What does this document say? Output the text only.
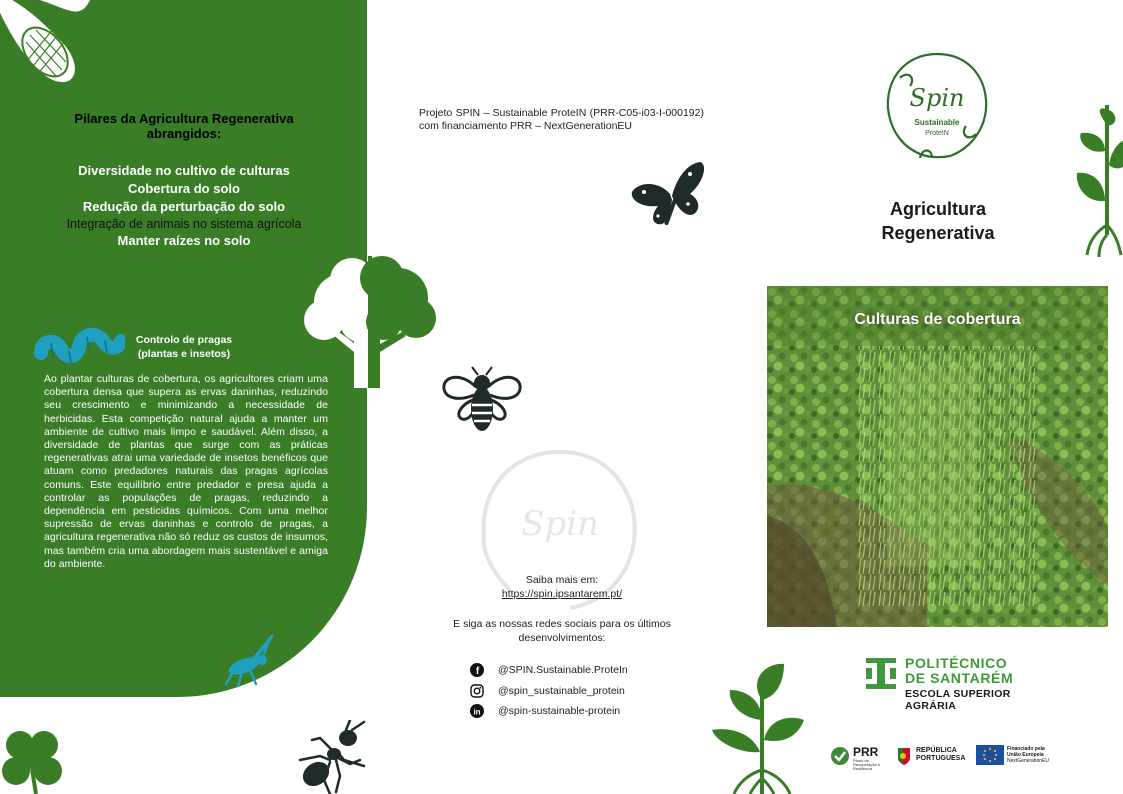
Pilares da Agricultura Regenerativa abrangidos:
Diversidade no cultivo de culturas
Cobertura do solo
Redução da perturbação do solo
Integração de animais no sistema agrícola
Manter raízes no solo
Controlo de pragas (plantas e insetos)
Ao plantar culturas de cobertura, os agricultores criam uma cobertura densa que supera as ervas daninhas, reduzindo seu crescimento e minimizando a necessidade de herbicidas. Esta competição natural ajuda a manter um ambiente de cultivo mais limpo e saudável. Além disso, a diversidade de plantas que surge com as práticas regenerativas atrai uma variedade de insetos benéficos que atuam como predadores naturais das pragas agrícolas comuns. Este equilíbrio entre predador e presa ajuda a controlar as populações de pragas, reduzindo a dependência em pesticidas químicos. Com uma melhor supressão de ervas daninhas e controlo de pragas, a agricultura regenerativa não só reduz os custos de insumos, mas também cria uma abordagem mais sustentável e amiga do ambiente.
Projeto SPIN – Sustainable ProteIN (PRR-C05-i03-I-000192) com financiamento PRR – NextGenerationEU
Spin
Saiba mais em:
https://spin.ipsantarem.pt/
E siga as nossas redes sociais para os últimos desenvolvimentos:
f @SPIN.Sustainable.ProteIn
@spin_sustainable_protein
in @spin-sustainable-protein
Spin
Sustainable
ProteIN
Agricultura
Regenerativa
Culturas de cobertura
POLITÉCNICO
DE SANTARÉM
ESCOLA SUPERIOR
AGRÁRIA
PRR
Plano de Recuperação e Resiliência
REPÚBLICA
PORTUGUESA
Financiado pela
União Europeia
NextGenerationEU
